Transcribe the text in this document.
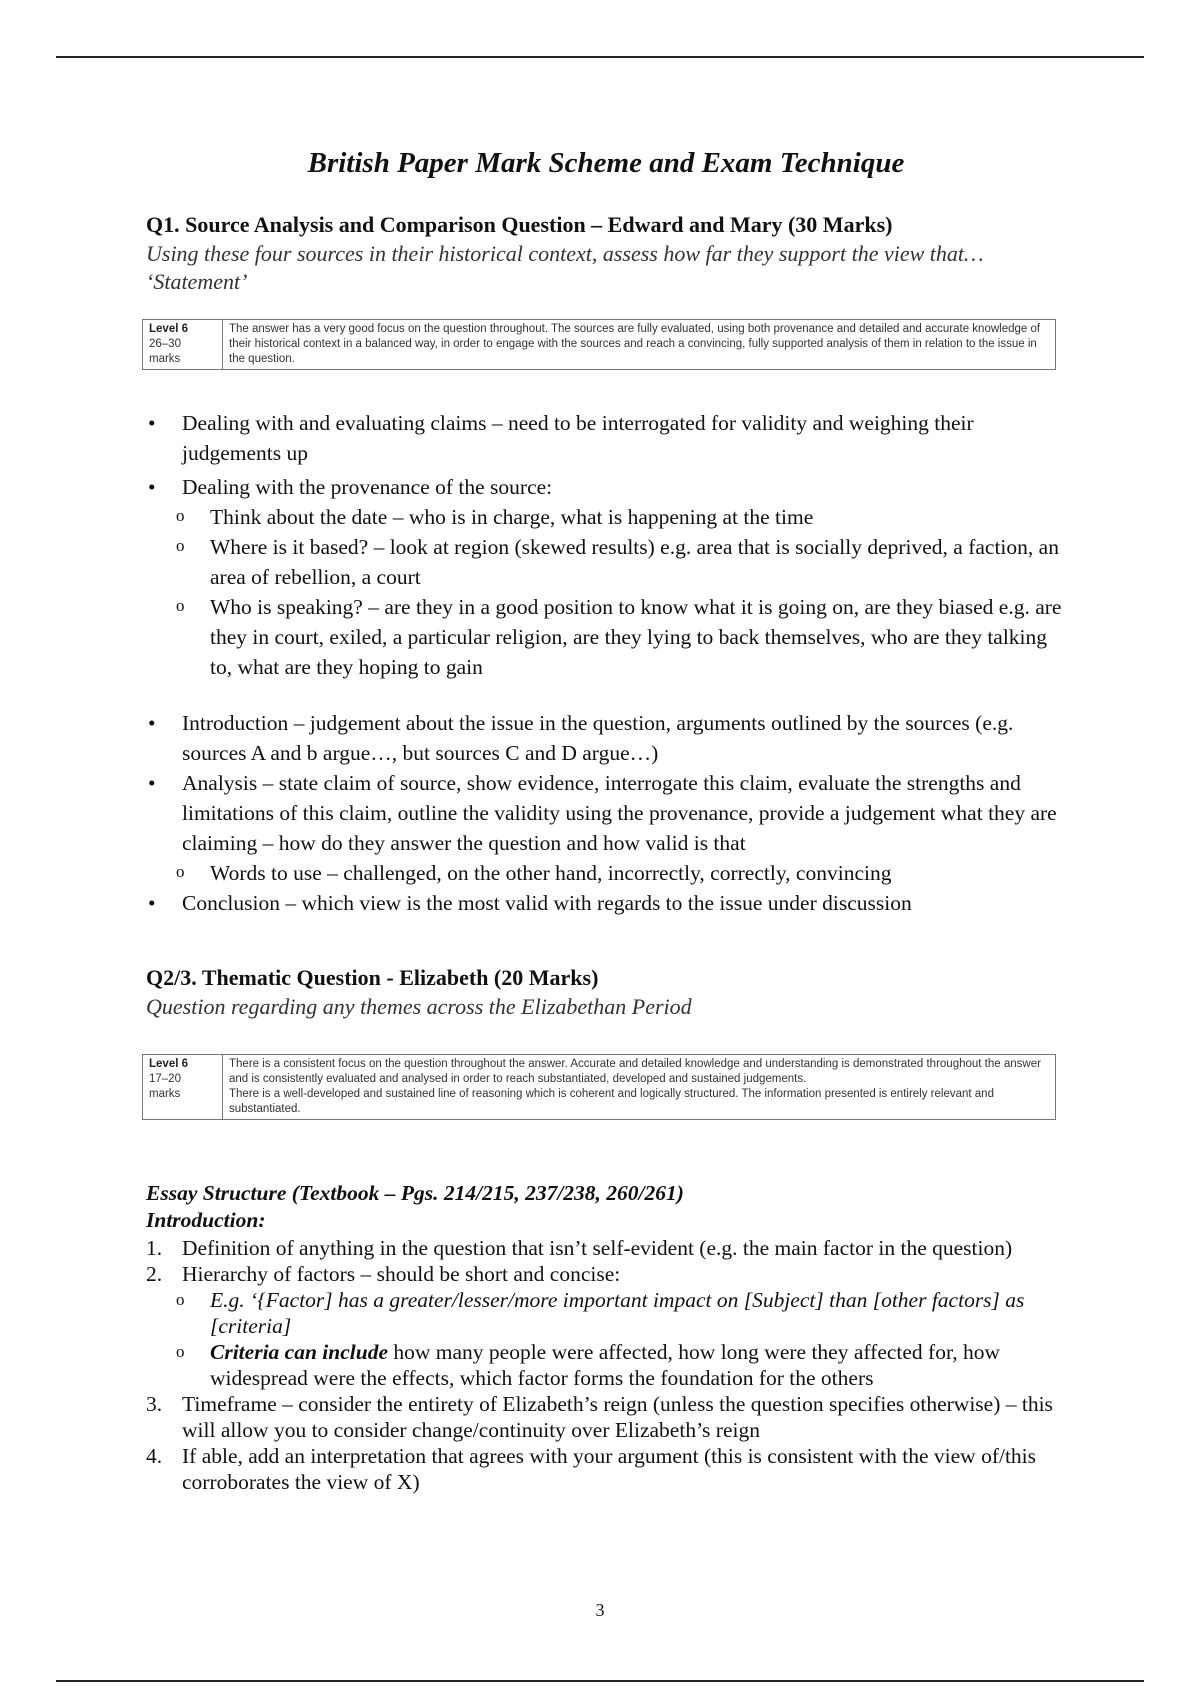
British Paper Mark Scheme and Exam Technique
Q1. Source Analysis and Comparison Question – Edward and Mary (30 Marks)
Using these four sources in their historical context, assess how far they support the view that… ‘Statement’
Level 6
26–30
marks
The answer has a very good focus on the question throughout. The sources are fully evaluated, using both provenance and detailed and accurate knowledge of their historical context in a balanced way, in order to engage with the sources and reach a convincing, fully supported analysis of them in relation to the issue in the question.
• Dealing with and evaluating claims – need to be interrogated for validity and weighing their judgements up
• Dealing with the provenance of the source:
o Think about the date – who is in charge, what is happening at the time
o Where is it based? – look at region (skewed results) e.g. area that is socially deprived, a faction, an area of rebellion, a court
o Who is speaking? – are they in a good position to know what it is going on, are they biased e.g. are they in court, exiled, a particular religion, are they lying to back themselves, who are they talking to, what are they hoping to gain
• Introduction – judgement about the issue in the question, arguments outlined by the sources (e.g. sources A and b argue…, but sources C and D argue…)
• Analysis – state claim of source, show evidence, interrogate this claim, evaluate the strengths and limitations of this claim, outline the validity using the provenance, provide a judgement what they are claiming – how do they answer the question and how valid is that
o Words to use – challenged, on the other hand, incorrectly, correctly, convincing
• Conclusion – which view is the most valid with regards to the issue under discussion
Q2/3. Thematic Question - Elizabeth (20 Marks)
Question regarding any themes across the Elizabethan Period
Level 6
17–20
marks
There is a consistent focus on the question throughout the answer. Accurate and detailed knowledge and understanding is demonstrated throughout the answer and is consistently evaluated and analysed in order to reach substantiated, developed and sustained judgements.
There is a well-developed and sustained line of reasoning which is coherent and logically structured. The information presented is entirely relevant and substantiated.
Essay Structure (Textbook – Pgs. 214/215, 237/238, 260/261)
Introduction:
1. Definition of anything in the question that isn’t self-evident (e.g. the main factor in the question)
2. Hierarchy of factors – should be short and concise:
o E.g. ‘{Factor] has a greater/lesser/more important impact on [Subject] than [other factors] as [criteria]
o Criteria can include how many people were affected, how long were they affected for, how widespread were the effects, which factor forms the foundation for the others
3. Timeframe – consider the entirety of Elizabeth’s reign (unless the question specifies otherwise) – this will allow you to consider change/continuity over Elizabeth’s reign
4. If able, add an interpretation that agrees with your argument (this is consistent with the view of/this corroborates the view of X)
3
